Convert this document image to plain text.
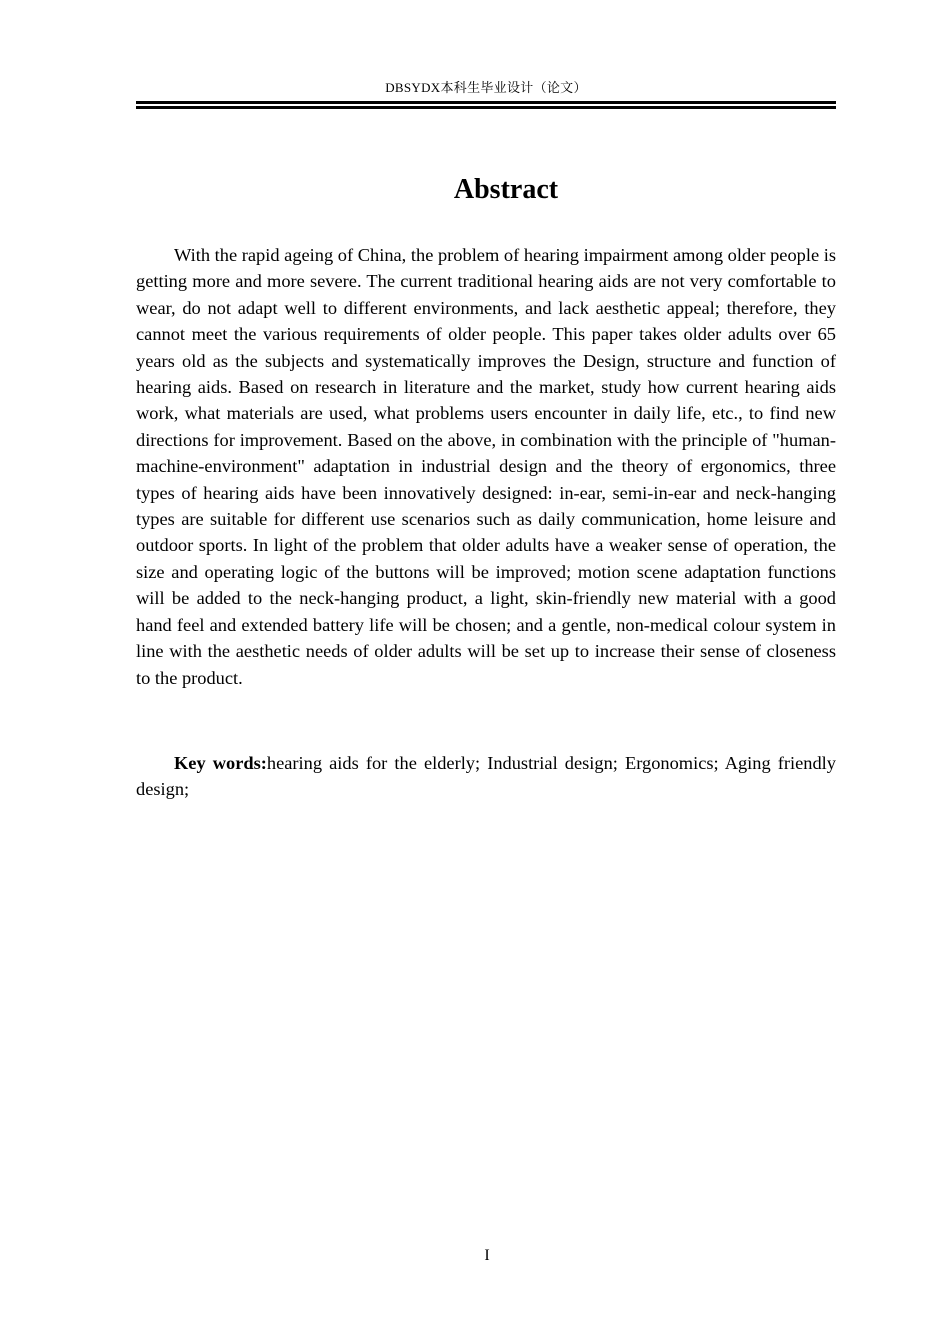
DBSYDX本科生毕业设计（论文）
Abstract

With the rapid ageing of China, the problem of hearing impairment among older people is getting more and more severe. The current traditional hearing aids are not very comfortable to wear, do not adapt well to different environments, and lack aesthetic appeal; therefore, they cannot meet the various requirements of older people. This paper takes older adults over 65 years old as the subjects and systematically improves the Design, structure and function of hearing aids. Based on research in literature and the market, study how current hearing aids work, what materials are used, what problems users encounter in daily life, etc., to find new directions for improvement. Based on the above, in combination with the principle of "human-machine-environment" adaptation in industrial design and the theory of ergonomics, three types of hearing aids have been innovatively designed: in-ear, semi-in-ear and neck-hanging types are suitable for different use scenarios such as daily communication, home leisure and outdoor sports. In light of the problem that older adults have a weaker sense of operation, the size and operating logic of the buttons will be improved; motion scene adaptation functions will be added to the neck-hanging product, a light, skin-friendly new material with a good hand feel and extended battery life will be chosen; and a gentle, non-medical colour system in line with the aesthetic needs of older adults will be set up to increase their sense of closeness to the product.

Key words:hearing aids for the elderly; Industrial design; Ergonomics; Aging friendly design;

I
